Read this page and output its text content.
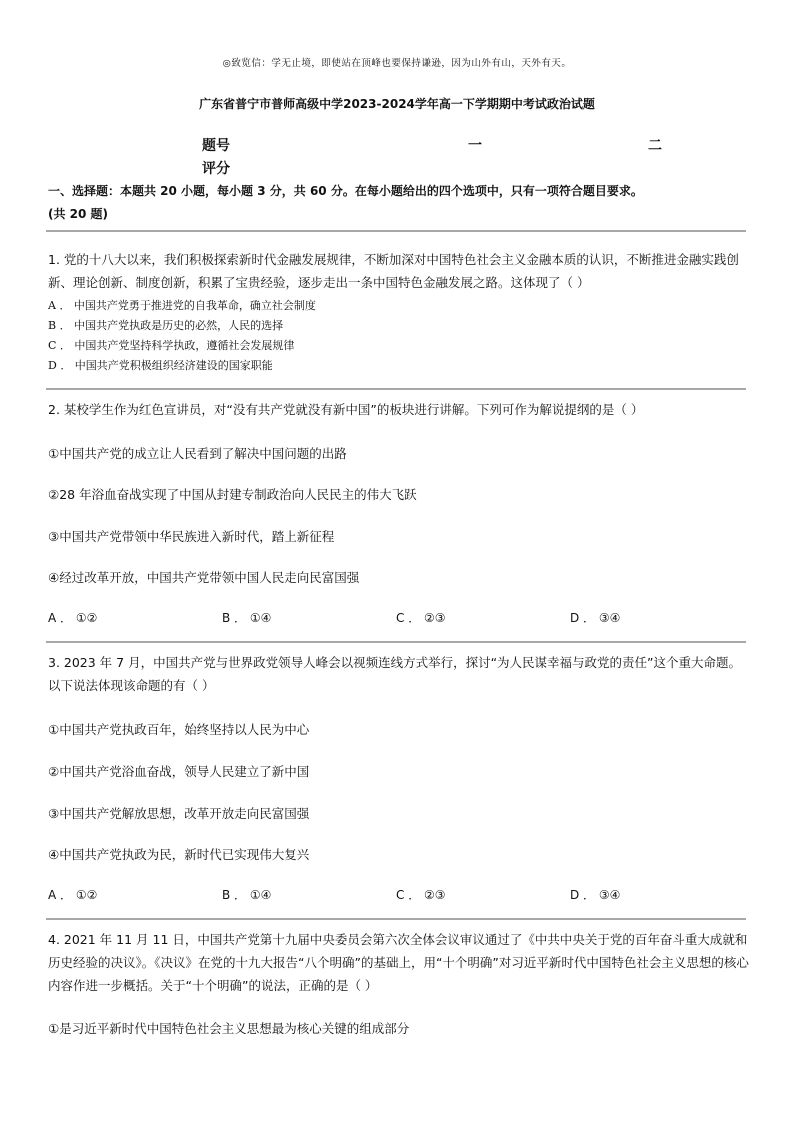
◎致览信：学无止境，即使站在顶峰也要保持谦逊，因为山外有山，天外有天。
广东省普宁市普师高级中学2023-2024学年高一下学期期中考试政治试题
题号	一	二
评分
一、选择题：本题共 20 小题，每小题 3 分，共 60 分。在每小题给出的四个选项中，只有一项符合题目要求。
(共 20 题)
1. 党的十八大以来，我们积极探索新时代金融发展规律，不断加深对中国特色社会主义金融本质的认识，不断推进金融实践创新、理论创新、制度创新，积累了宝贵经验，逐步走出一条中国特色金融发展之路。这体现了（ ）
A ． 中国共产党勇于推进党的自我革命，确立社会制度
B ． 中国共产党执政是历史的必然，人民的选择
C ． 中国共产党坚持科学执政，遵循社会发展规律
D ． 中国共产党积极组织经济建设的国家职能
2. 某校学生作为红色宣讲员，对“没有共产党就没有新中国”的板块进行讲解。下列可作为解说提纲的是（ ）
①中国共产党的成立让人民看到了解决中国问题的出路
②28 年浴血奋战实现了中国从封建专制政治向人民民主的伟大飞跃
③中国共产党带领中华民族进入新时代，踏上新征程
④经过改革开放，中国共产党带领中国人民走向民富国强
A ． ①②	B ． ①④	C ． ②③	D ． ③④
3. 2023 年 7 月，中国共产党与世界政党领导人峰会以视频连线方式举行，探讨“为人民谋幸福与政党的责任”这个重大命题。以下说法体现该命题的有（ ）
①中国共产党执政百年，始终坚持以人民为中心
②中国共产党浴血奋战，领导人民建立了新中国
③中国共产党解放思想，改革开放走向民富国强
④中国共产党执政为民，新时代已实现伟大复兴
A ． ①②	B ． ①④	C ． ②③	D ． ③④
4. 2021 年 11 月 11 日，中国共产党第十九届中央委员会第六次全体会议审议通过了《中共中央关于党的百年奋斗重大成就和历史经验的决议》。《决议》在党的十九大报告“八个明确”的基础上，用“十个明确”对习近平新时代中国特色社会主义思想的核心内容作进一步概括。关于“十个明确”的说法，正确的是（ ）
①是习近平新时代中国特色社会主义思想最为核心关键的组成部分
